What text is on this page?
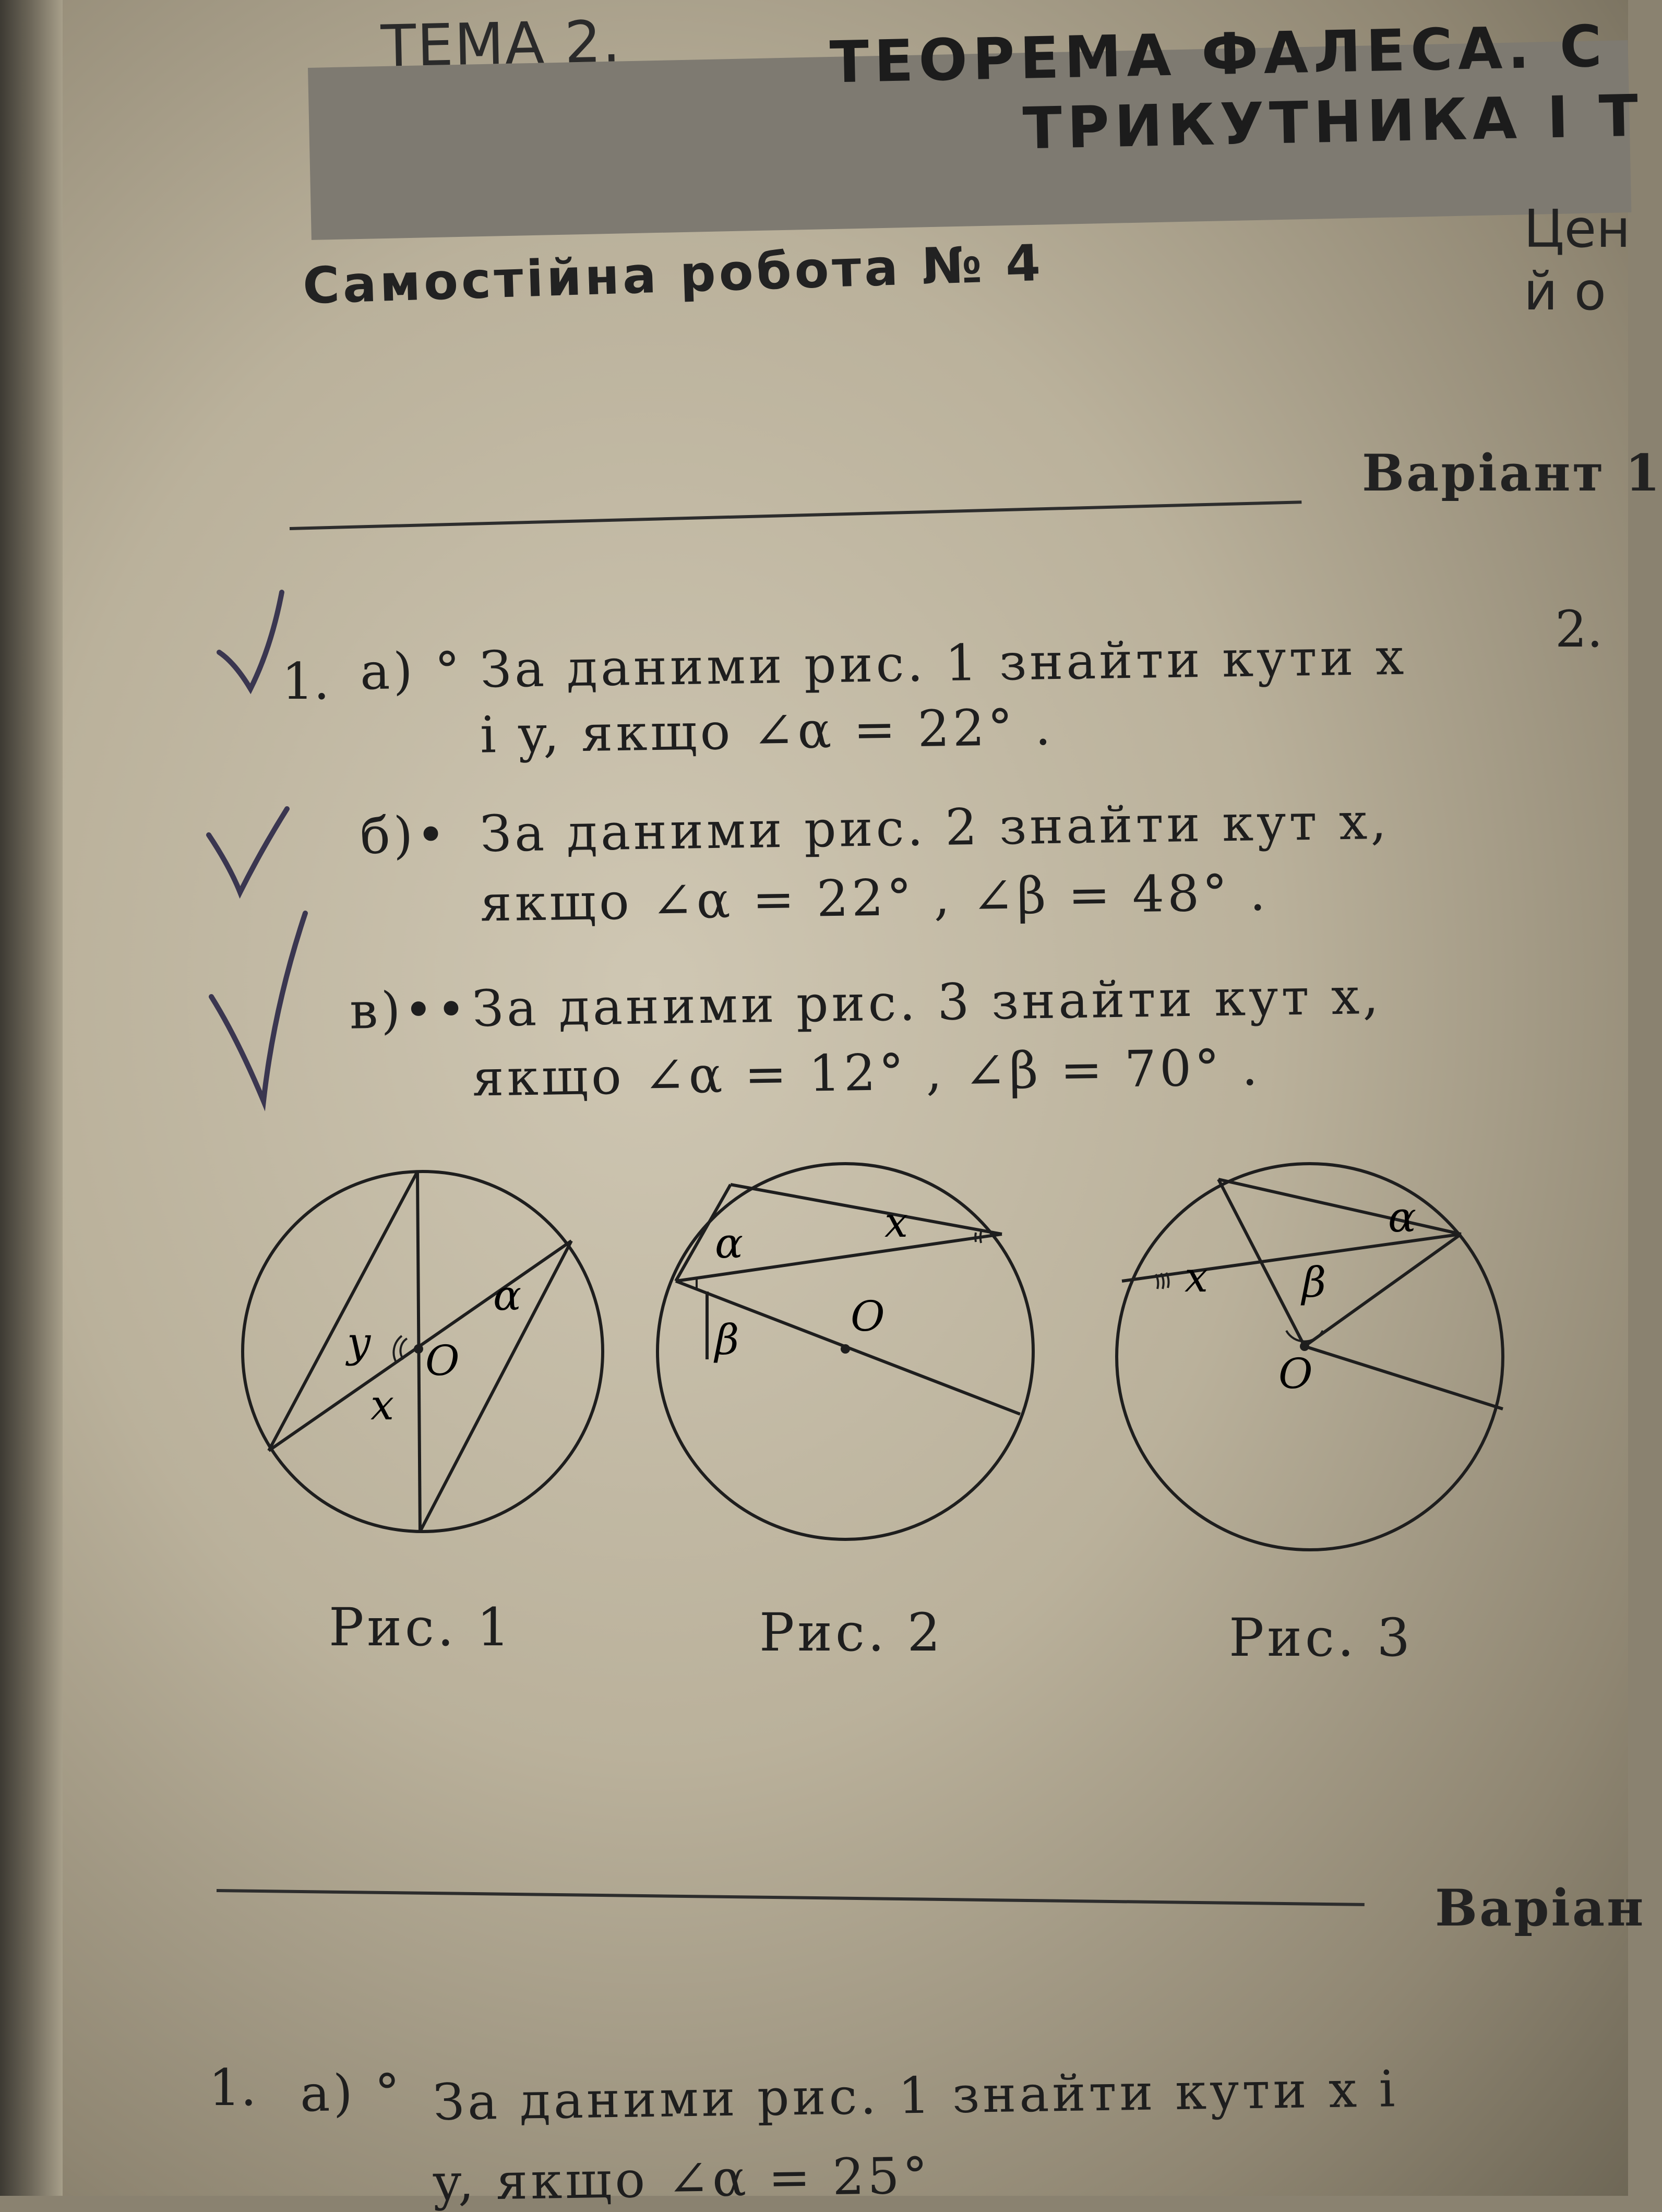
ТЕМА 2.	ТЕОРЕМА ФАЛЕСА. С
ТРИКУТНИКА І Т
Самостійна робота № 4
Цен
й о
Варіант 1
2.
1. а) ° За даними рис. 1 знайти кути x
і y, якщо ∠α = 22° .
б)• За даними рис. 2 знайти кут x,
якщо ∠α = 22° , ∠β = 48° .
в)•• За даними рис. 3 знайти кут x,
якщо ∠α = 12° , ∠β = 70° .
y O
x
α
Рис. 1
α	x
O
β
Рис. 2
x
α
β
O
Рис. 3
Варіан
1. а) ° За даними рис. 1 знайти кути x і
y, якщо ∠α = 25°
